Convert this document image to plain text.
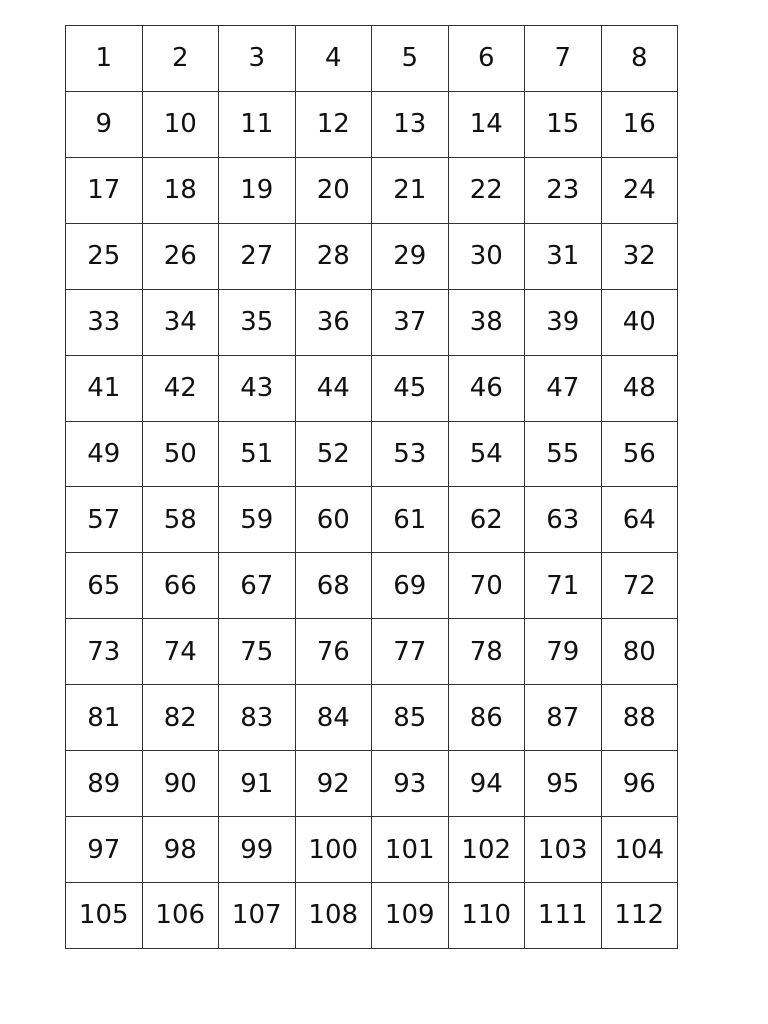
1	2	3	4	5	6	7	8
9	10	11	12	13	14	15	16
17	18	19	20	21	22	23	24
25	26	27	28	29	30	31	32
33	34	35	36	37	38	39	40
41	42	43	44	45	46	47	48
49	50	51	52	53	54	55	56
57	58	59	60	61	62	63	64
65	66	67	68	69	70	71	72
73	74	75	76	77	78	79	80
81	82	83	84	85	86	87	88
89	90	91	92	93	94	95	96
97	98	99	100	101	102	103	104
105	106	107	108	109	110	111	112
